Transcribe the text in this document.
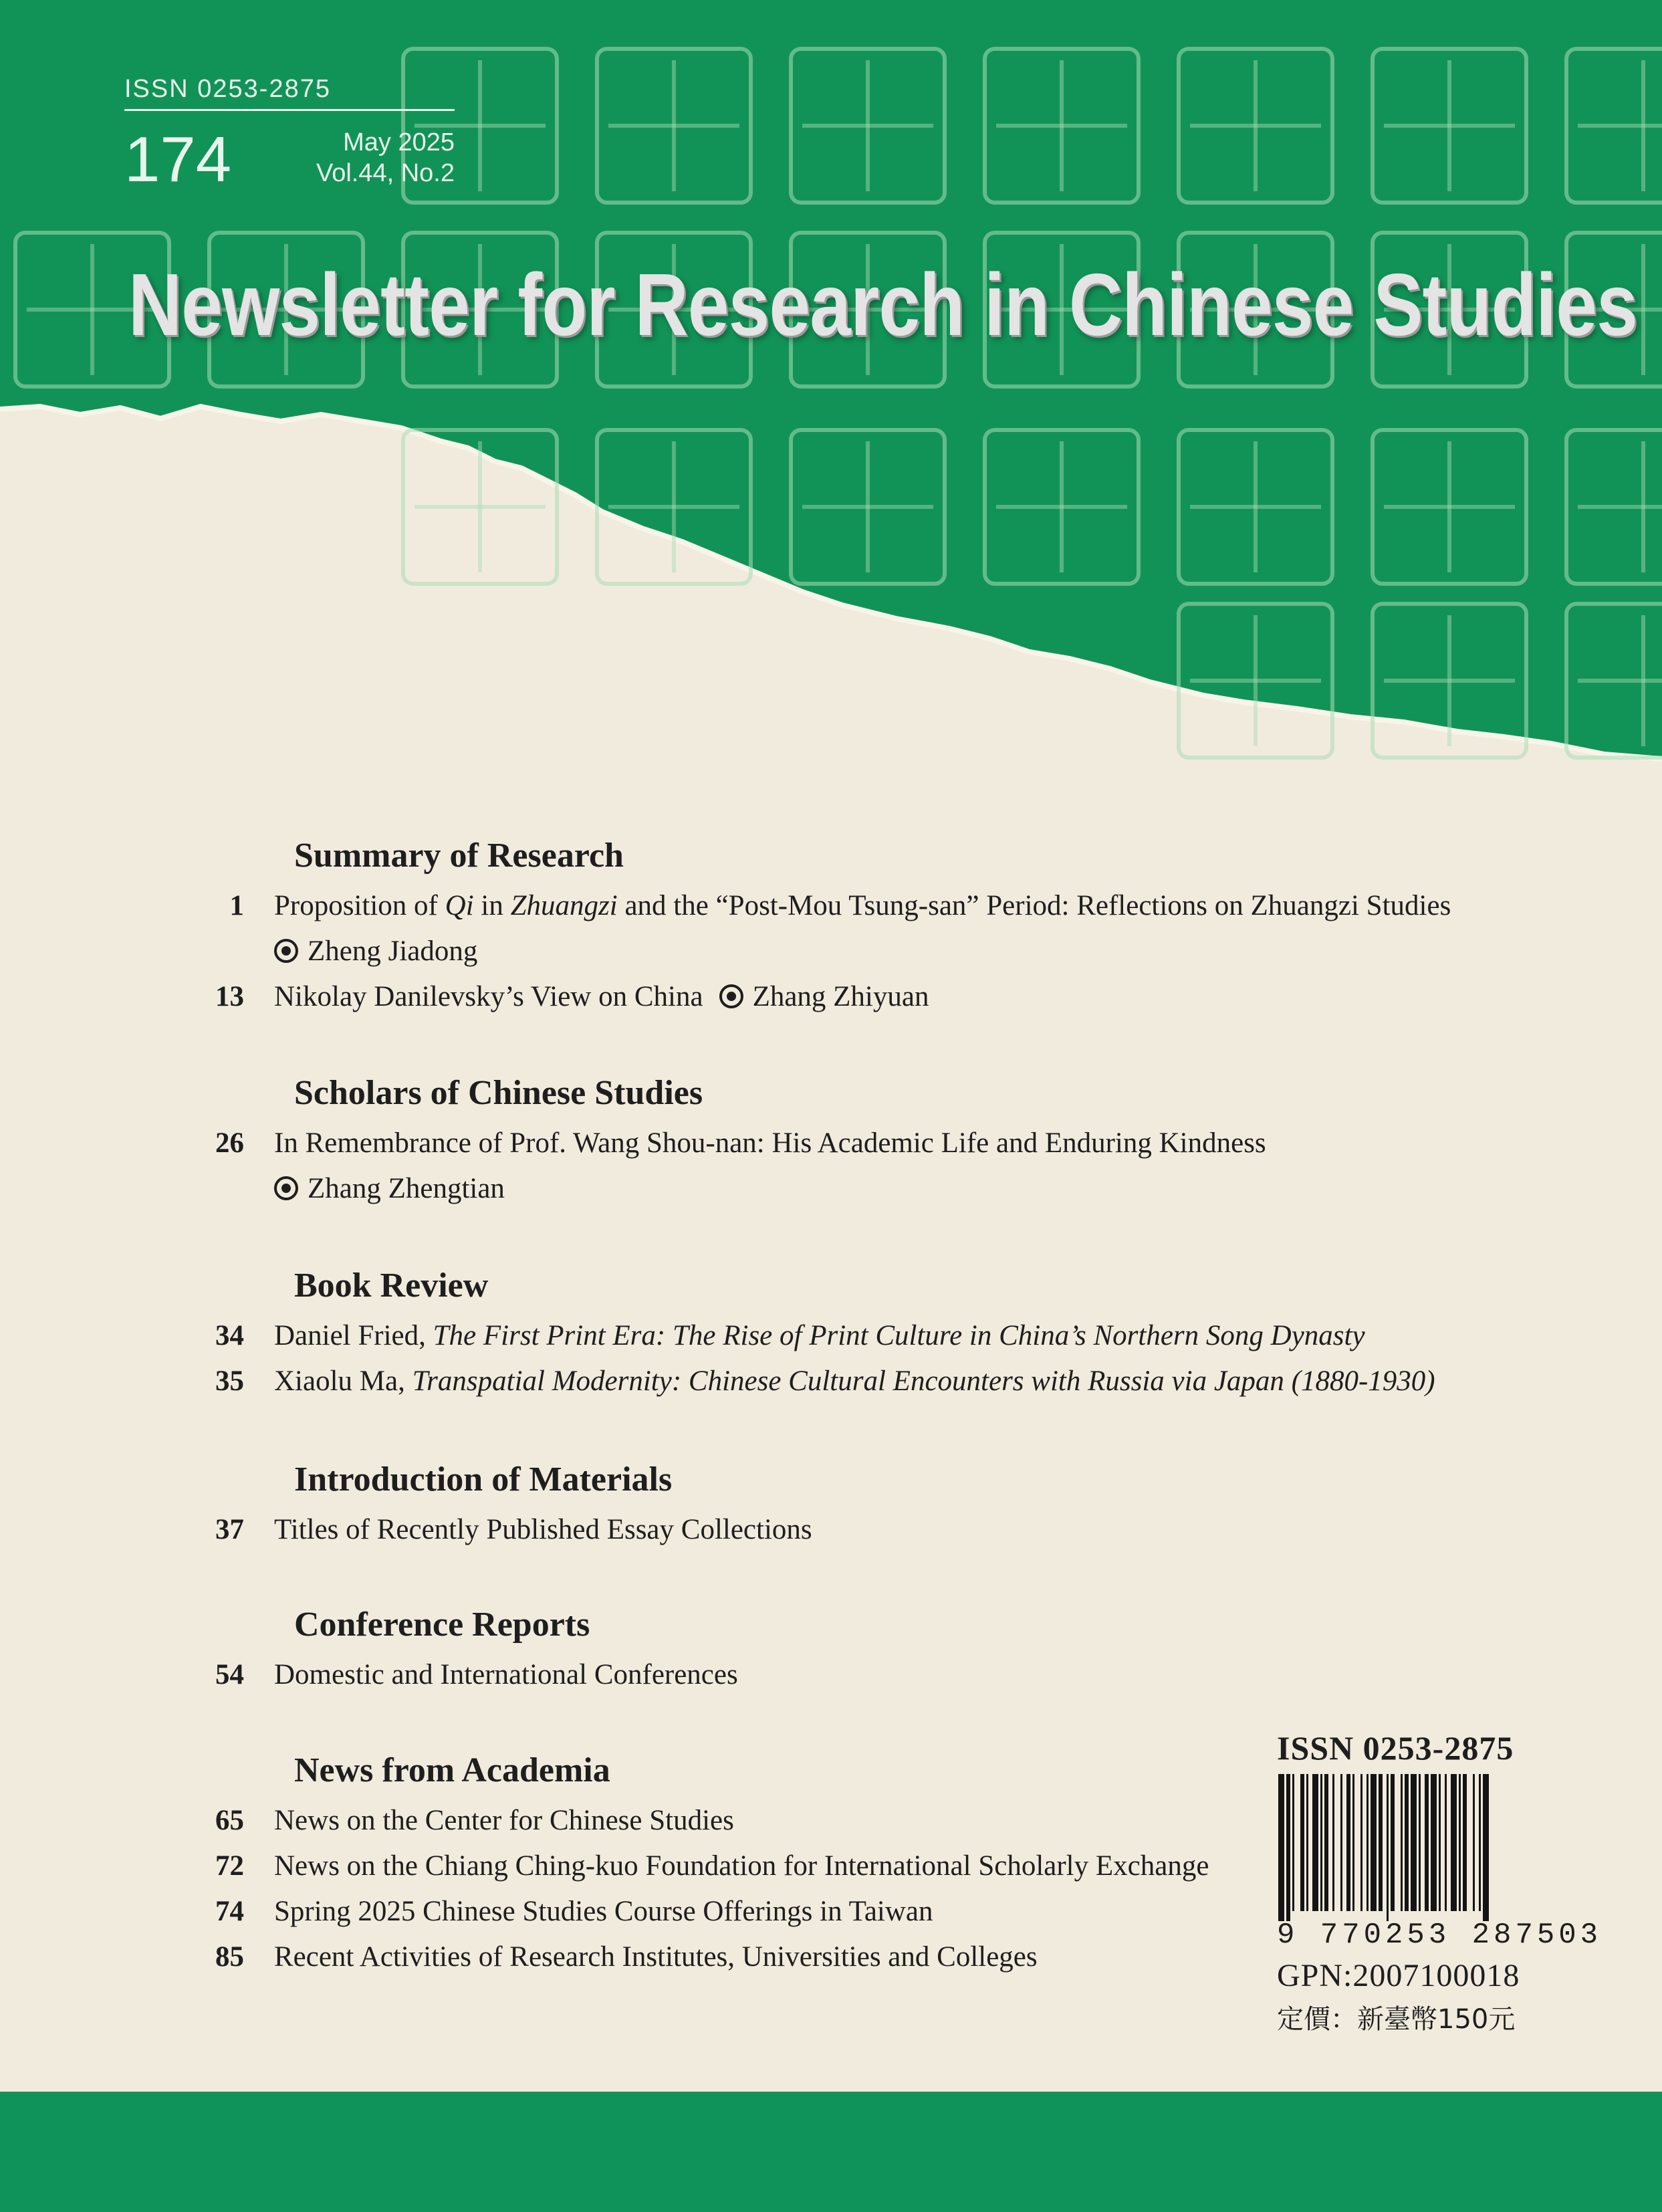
ISSN 0253-2875
174	May 2025
Vol.44, No.2
Newsletter for Research in Chinese Studies
Summary of Research
1 Proposition of Qi in Zhuangzi and the “Post-Mou Tsung-san” Period: Reflections on Zhuangzi Studies
Zheng Jiadong
13 Nikolay Danilevsky’s View on China Zhang Zhiyuan
Scholars of Chinese Studies
26 In Remembrance of Prof. Wang Shou-nan: His Academic Life and Enduring Kindness
Zhang Zhengtian
Book Review
34 Daniel Fried, The First Print Era: The Rise of Print Culture in China’s Northern Song Dynasty
35 Xiaolu Ma, Transpatial Modernity: Chinese Cultural Encounters with Russia via Japan (1880-1930)
Introduction of Materials
37 Titles of Recently Published Essay Collections
Conference Reports
54 Domestic and International Conferences
News from Academia
65 News on the Center for Chinese Studies
72 News on the Chiang Ching-kuo Foundation for International Scholarly Exchange
74 Spring 2025 Chinese Studies Course Offerings in Taiwan
85 Recent Activities of Research Institutes, Universities and Colleges
ISSN 0253-2875
9 770253 287503
GPN:2007100018
定價：新臺幣150元
